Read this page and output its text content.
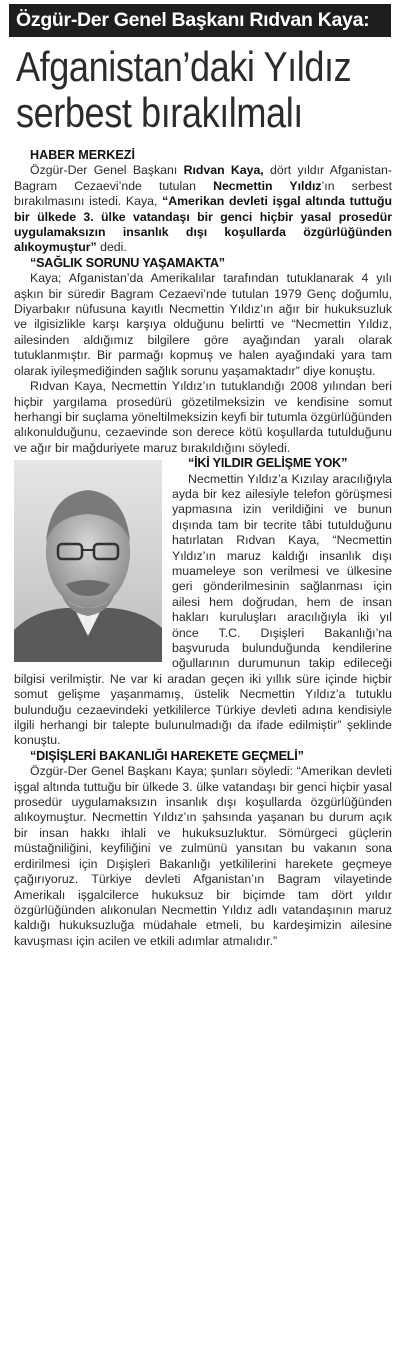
Özgür-Der Genel Başkanı Rıdvan Kaya:
Afganistan’daki Yıldız
serbest bırakılmalı

HABER MERKEZİ

Özgür-Der Genel Başkanı Rıdvan Kaya, dört yıldır Afganistan-Bagram Cezaevi’nde tutulan Necmettin Yıldız’ın serbest bırakılmasını istedi. Kaya, “Amerikan devleti işgal altında tuttuğu bir ülkede 3. ülke vatandaşı bir genci hiçbir yasal prosedür uygulamaksızın insanlık dışı koşullarda özgürlüğünden alıkoymuştur” dedi.

“SAĞLIK SORUNU YAŞAMAKTA”

Kaya; Afganistan’da Amerikalılar tarafından tutuklanarak 4 yılı aşkın bir süredir Bagram Cezaevi’nde tutulan 1979 Genç doğumlu, Diyarbakır nüfusuna kayıtlı Necmettin Yıldız’ın ağır bir hukuksuzluk ve ilgisizlikle karşı karşıya olduğunu belirtti ve “Necmettin Yıldız, ailesinden aldığımız bilgilere göre ayağından yaralı olarak tutuklanmıştır. Bir parmağı kopmuş ve halen ayağındaki yara tam olarak iyileşmediğinden sağlık sorunu yaşamaktadır” diye konuştu.

Rıdvan Kaya, Necmettin Yıldız’ın tutuklandığı 2008 yılından beri hiçbir yargılama prosedürü gözetilmeksizin ve kendisine somut herhangi bir suçlama yöneltilmeksizin keyfi bir tutumla özgürlüğünden alıkonulduğunu, cezaevinde son derece kötü koşullarda tutulduğunu ve ağır bir mağduriyete maruz bırakıldığını söyledi.

“İKİ YILDIR GELİŞME YOK”

Necmettin Yıldız’a Kızılay aracılığıyla ayda bir kez ailesiyle telefon görüşmesi yapmasına izin verildiğini ve bunun dışında tam bir tecrite tâbi tutulduğunu hatırlatan Rıdvan Kaya, “Necmettin Yıldız’ın maruz kaldığı insanlık dışı muameleye son verilmesi ve ülkesine geri gönderilmesinin sağlanması için ailesi hem doğrudan, hem de insan hakları kuruluşları aracılığıyla iki yıl önce T.C. Dışişleri Bakanlığı’na başvuruda bulunduğunda kendilerine oğullarının durumunun takip edileceği bilgisi verilmiştir. Ne var ki aradan geçen iki yıllık süre içinde hiçbir somut gelişme yaşanmamış, üstelik Necmettin Yıldız’a tutuklu bulunduğu cezaevindeki yetkililerce Türkiye devleti adına kendisiyle ilgili herhangi bir talepte bulunulmadığı da ifade edilmiştir” şeklinde konuştu.

“DIŞİŞLERİ BAKANLIĞI HAREKETE GEÇMELİ”

Özgür-Der Genel Başkanı Kaya; şunları söyledi: “Amerikan devleti işgal altında tuttuğu bir ülkede 3. ülke vatandaşı bir genci hiçbir yasal prosedür uygulamaksızın insanlık dışı koşullarda özgürlüğünden alıkoymuştur. Necmettin Yıldız’ın şahsında yaşanan bu durum açık bir insan hakkı ihlali ve hukuksuzluktur. Sömürgeci güçlerin müstağniliğini, keyfiliğini ve zulmünü yansıtan bu vakanın sona erdirilmesi için Dışişleri Bakanlığı yetkililerini harekete geçmeye çağırıyoruz. Türkiye devleti Afganistan’ın Bagram vilayetinde Amerikalı işgalcilerce hukuksuz bir biçimde tam dört yıldır özgürlüğünden alıkonulan Necmettin Yıldız adlı vatandaşının maruz kaldığı hukuksuzluğa müdahale etmeli, bu kardeşimizin ailesine kavuşması için acilen ve etkili adımlar atmalıdır.”
